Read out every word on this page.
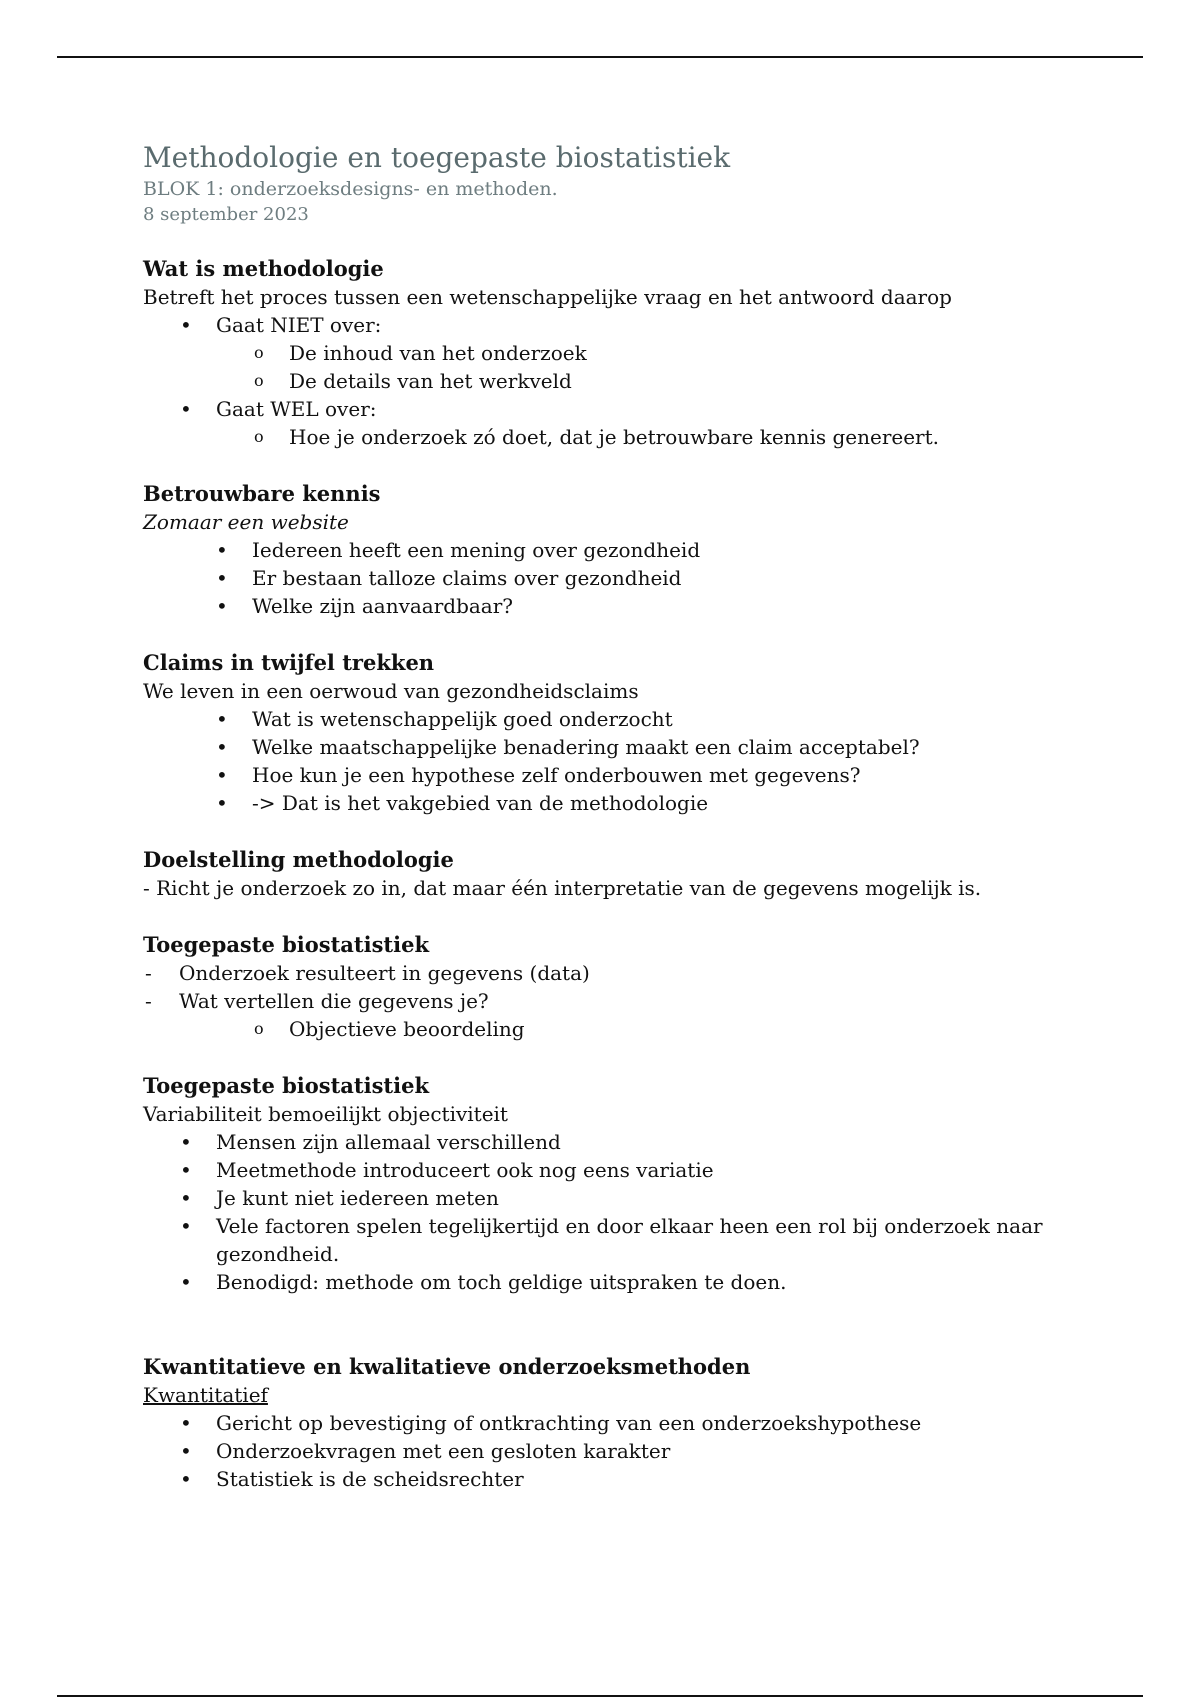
Methodologie en toegepaste biostatistiek
BLOK 1: onderzoeksdesigns- en methoden.
8 september 2023
Wat is methodologie
Betreft het proces tussen een wetenschappelijke vraag en het antwoord daarop
• Gaat NIET over:
o De inhoud van het onderzoek
o De details van het werkveld
• Gaat WEL over:
o Hoe je onderzoek zó doet, dat je betrouwbare kennis genereert.
Betrouwbare kennis
Zomaar een website
• Iedereen heeft een mening over gezondheid
• Er bestaan talloze claims over gezondheid
• Welke zijn aanvaardbaar?
Claims in twijfel trekken
We leven in een oerwoud van gezondheidsclaims
• Wat is wetenschappelijk goed onderzocht
• Welke maatschappelijke benadering maakt een claim acceptabel?
• Hoe kun je een hypothese zelf onderbouwen met gegevens?
• -> Dat is het vakgebied van de methodologie
Doelstelling methodologie
- Richt je onderzoek zo in, dat maar één interpretatie van de gegevens mogelijk is.
Toegepaste biostatistiek
- Onderzoek resulteert in gegevens (data)
- Wat vertellen die gegevens je?
o Objectieve beoordeling
Toegepaste biostatistiek
Variabiliteit bemoeilijkt objectiviteit
• Mensen zijn allemaal verschillend
• Meetmethode introduceert ook nog eens variatie
• Je kunt niet iedereen meten
• Vele factoren spelen tegelijkertijd en door elkaar heen een rol bij onderzoek naar gezondheid.
• Benodigd: methode om toch geldige uitspraken te doen.
Kwantitatieve en kwalitatieve onderzoeksmethoden
Kwantitatief
• Gericht op bevestiging of ontkrachting van een onderzoekshypothese
• Onderzoekvragen met een gesloten karakter
• Statistiek is de scheidsrechter
